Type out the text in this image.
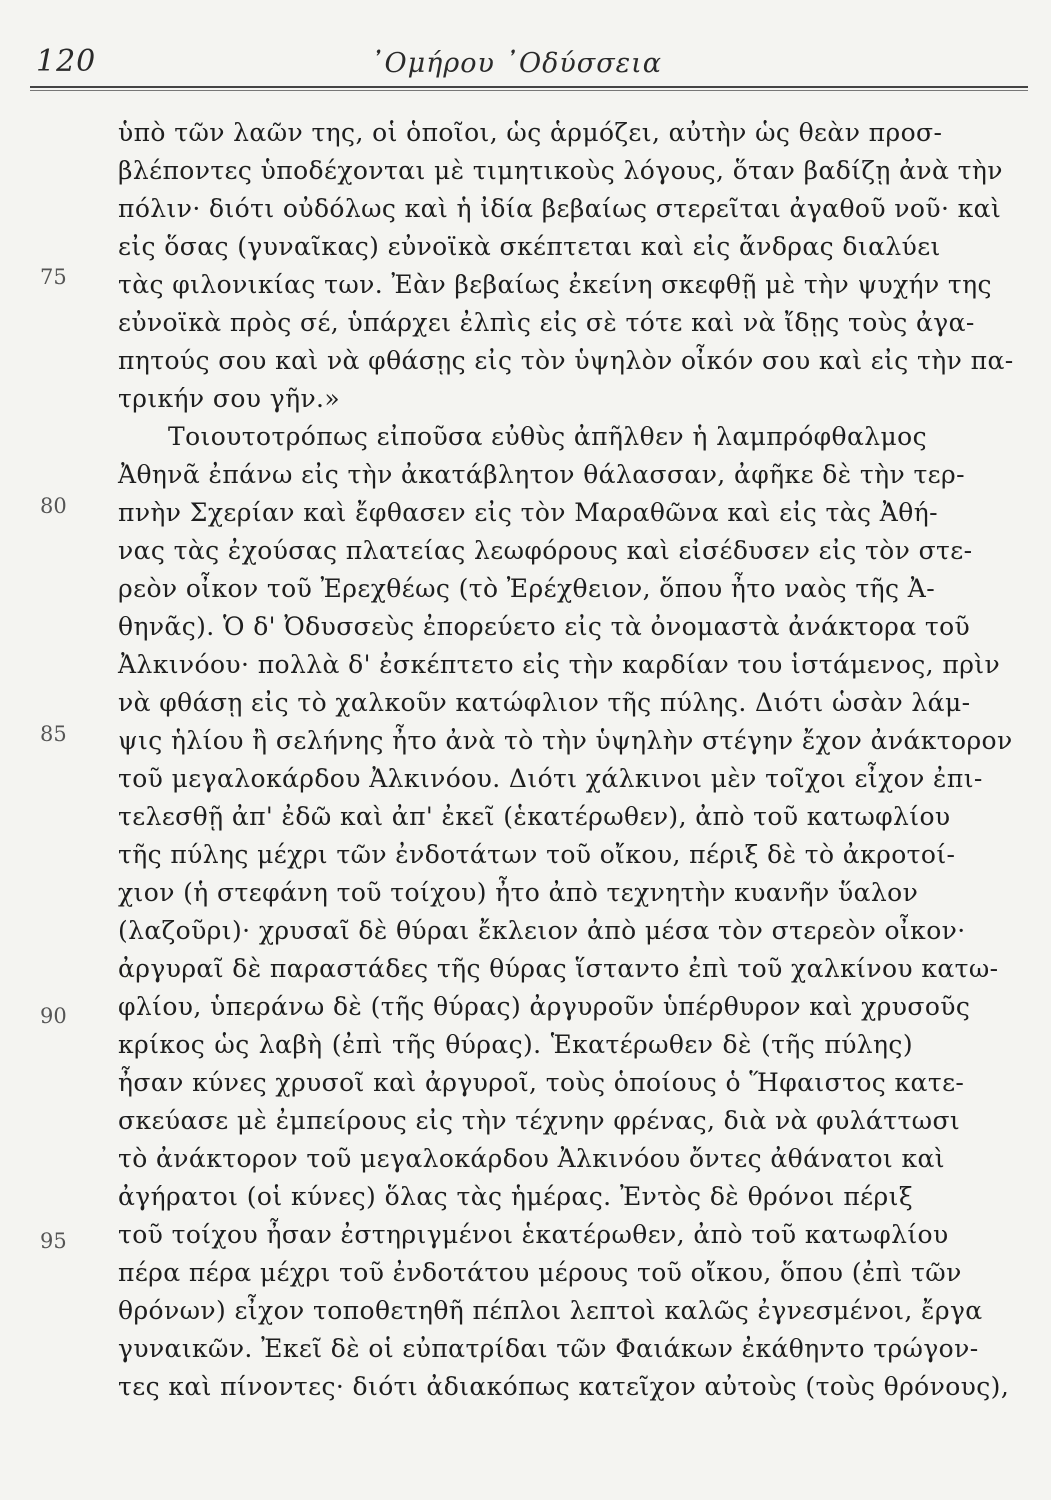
120	᾿Ομήρου ᾿Οδύσσεια
75
80
85
90
95
ὑπὸ τῶν λαῶν της, οἱ ὁποῖοι, ὡς ἁρμόζει, αὐτὴν ὡς θεὰν προσ-
βλέποντες ὑποδέχονται μὲ τιμητικοὺς λόγους, ὅταν βαδίζῃ ἀνὰ τὴν
πόλιν· διότι οὐδόλως καὶ ἡ ἰδία βεβαίως στερεῖται ἀγαθοῦ νοῦ· καὶ
εἰς ὅσας (γυναῖκας) εὐνοϊκὰ σκέπτεται καὶ εἰς ἄνδρας διαλύει
τὰς φιλονικίας των. Ἐὰν βεβαίως ἐκείνη σκεφθῇ μὲ τὴν ψυχήν της
εὐνοϊκὰ πρὸς σέ, ὑπάρχει ἐλπὶς εἰς σὲ τότε καὶ νὰ ἴδῃς τοὺς ἀγα-
πητούς σου καὶ νὰ φθάσῃς εἰς τὸν ὑψηλὸν οἶκόν σου καὶ εἰς τὴν πα-
τρικήν σου γῆν.»
Τοιουτοτρόπως εἰποῦσα εὐθὺς ἀπῆλθεν ἡ λαμπρόφθαλμος
Ἀθηνᾶ ἐπάνω εἰς τὴν ἀκατάβλητον θάλασσαν, ἀφῆκε δὲ τὴν τερ-
πνὴν Σχερίαν καὶ ἔφθασεν εἰς τὸν Μαραθῶνα καὶ εἰς τὰς Ἀθή-
νας τὰς ἐχούσας πλατείας λεωφόρους καὶ εἰσέδυσεν εἰς τὸν στε-
ρεὸν οἶκον τοῦ Ἐρεχθέως (τὸ Ἐρέχθειον, ὅπου ἦτο ναὸς τῆς Ἀ-
θηνᾶς). Ὁ δ' Ὀδυσσεὺς ἐπορεύετο εἰς τὰ ὀνομαστὰ ἀνάκτορα τοῦ
Ἀλκινόου· πολλὰ δ' ἐσκέπτετο εἰς τὴν καρδίαν του ἱστάμενος, πρὶν
νὰ φθάσῃ εἰς τὸ χαλκοῦν κατώφλιον τῆς πύλης. Διότι ὡσὰν λάμ-
ψις ἡλίου ἢ σελήνης ἦτο ἀνὰ τὸ τὴν ὑψηλὴν στέγην ἔχον ἀνάκτορον
τοῦ μεγαλοκάρδου Ἀλκινόου. Διότι χάλκινοι μὲν τοῖχοι εἶχον ἐπι-
τελεσθῇ ἀπ' ἐδῶ καὶ ἀπ' ἐκεῖ (ἑκατέρωθεν), ἀπὸ τοῦ κατωφλίου
τῆς πύλης μέχρι τῶν ἐνδοτάτων τοῦ οἴκου, πέριξ δὲ τὸ ἀκροτοί-
χιον (ἡ στεφάνη τοῦ τοίχου) ἦτο ἀπὸ τεχνητὴν κυανῆν ὕαλον
(λαζοῦρι)· χρυσαῖ δὲ θύραι ἔκλειον ἀπὸ μέσα τὸν στερεὸν οἶκον·
ἀργυραῖ δὲ παραστάδες τῆς θύρας ἵσταντο ἐπὶ τοῦ χαλκίνου κατω-
φλίου, ὑπεράνω δὲ (τῆς θύρας) ἀργυροῦν ὑπέρθυρον καὶ χρυσοῦς
κρίκος ὡς λαβὴ (ἐπὶ τῆς θύρας). Ἑκατέρωθεν δὲ (τῆς πύλης)
ἦσαν κύνες χρυσοῖ καὶ ἀργυροῖ, τοὺς ὁποίους ὁ Ἥφαιστος κατε-
σκεύασε μὲ ἐμπείρους εἰς τὴν τέχνην φρένας, διὰ νὰ φυλάττωσι
τὸ ἀνάκτορον τοῦ μεγαλοκάρδου Ἀλκινόου ὄντες ἀθάνατοι καὶ
ἀγήρατοι (οἱ κύνες) ὅλας τὰς ἡμέρας. Ἐντὸς δὲ θρόνοι πέριξ
τοῦ τοίχου ἦσαν ἐστηριγμένοι ἑκατέρωθεν, ἀπὸ τοῦ κατωφλίου
πέρα πέρα μέχρι τοῦ ἐνδοτάτου μέρους τοῦ οἴκου, ὅπου (ἐπὶ τῶν
θρόνων) εἶχον τοποθετηθῆ πέπλοι λεπτοὶ καλῶς ἐγνεσμένοι, ἔργα
γυναικῶν. Ἐκεῖ δὲ οἱ εὐπατρίδαι τῶν Φαιάκων ἐκάθηντο τρώγον-
τες καὶ πίνοντες· διότι ἀδιακόπως κατεῖχον αὐτοὺς (τοὺς θρόνους),
